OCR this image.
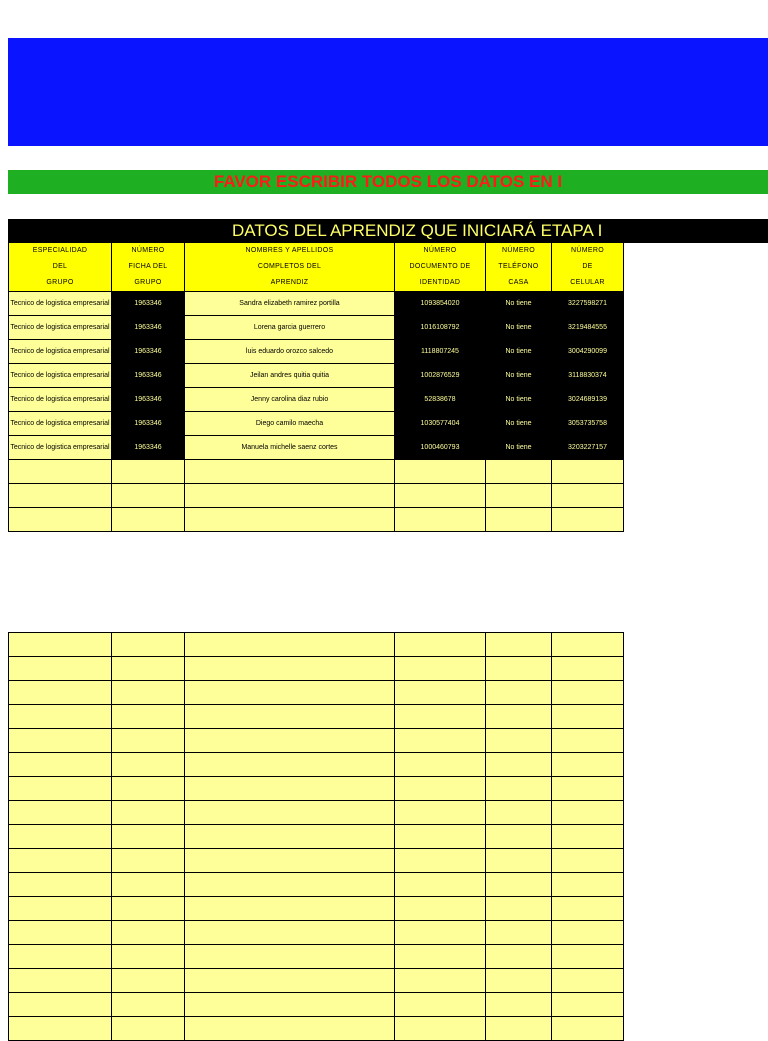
FAVOR ESCRIBIR TODOS LOS DATOS EN I
DATOS DEL APRENDIZ QUE INICIARÁ ETAPA I
ESPECIALIDAD	NÚMERO	NOMBRES Y APELLIDOS	NÚMERO	NÚMERO	NÚMERO
DEL	FICHA DEL	COMPLETOS DEL	DOCUMENTO DE	TELÉFONO	DE
GRUPO	GRUPO	APRENDIZ	IDENTIDAD	CASA	CELULAR
Tecnico de logistica empresarial	1963346	Sandra elizabeth ramirez portilla	1093854020	No tiene	3227598271
Tecnico de logistica empresarial	1963346	Lorena garcia guerrero	1016108792	No tiene	3219484555
Tecnico de logistica empresarial	1963346	luis eduardo orozco salcedo	1118807245	No tiene	3004290099
Tecnico de logistica empresarial	1963346	Jeilan andres quitia quitia	1002876529	No tiene	3118830374
Tecnico de logistica empresarial	1963346	Jenny carolina diaz rubio	52838678	No tiene	3024689139
Tecnico de logistica empresarial	1963346	Diego camilo maecha	1030577404	No tiene	3053735758
Tecnico de logistica empresarial	1963346	Manuela michelle saenz cortes	1000460793	No tiene	3203227157
